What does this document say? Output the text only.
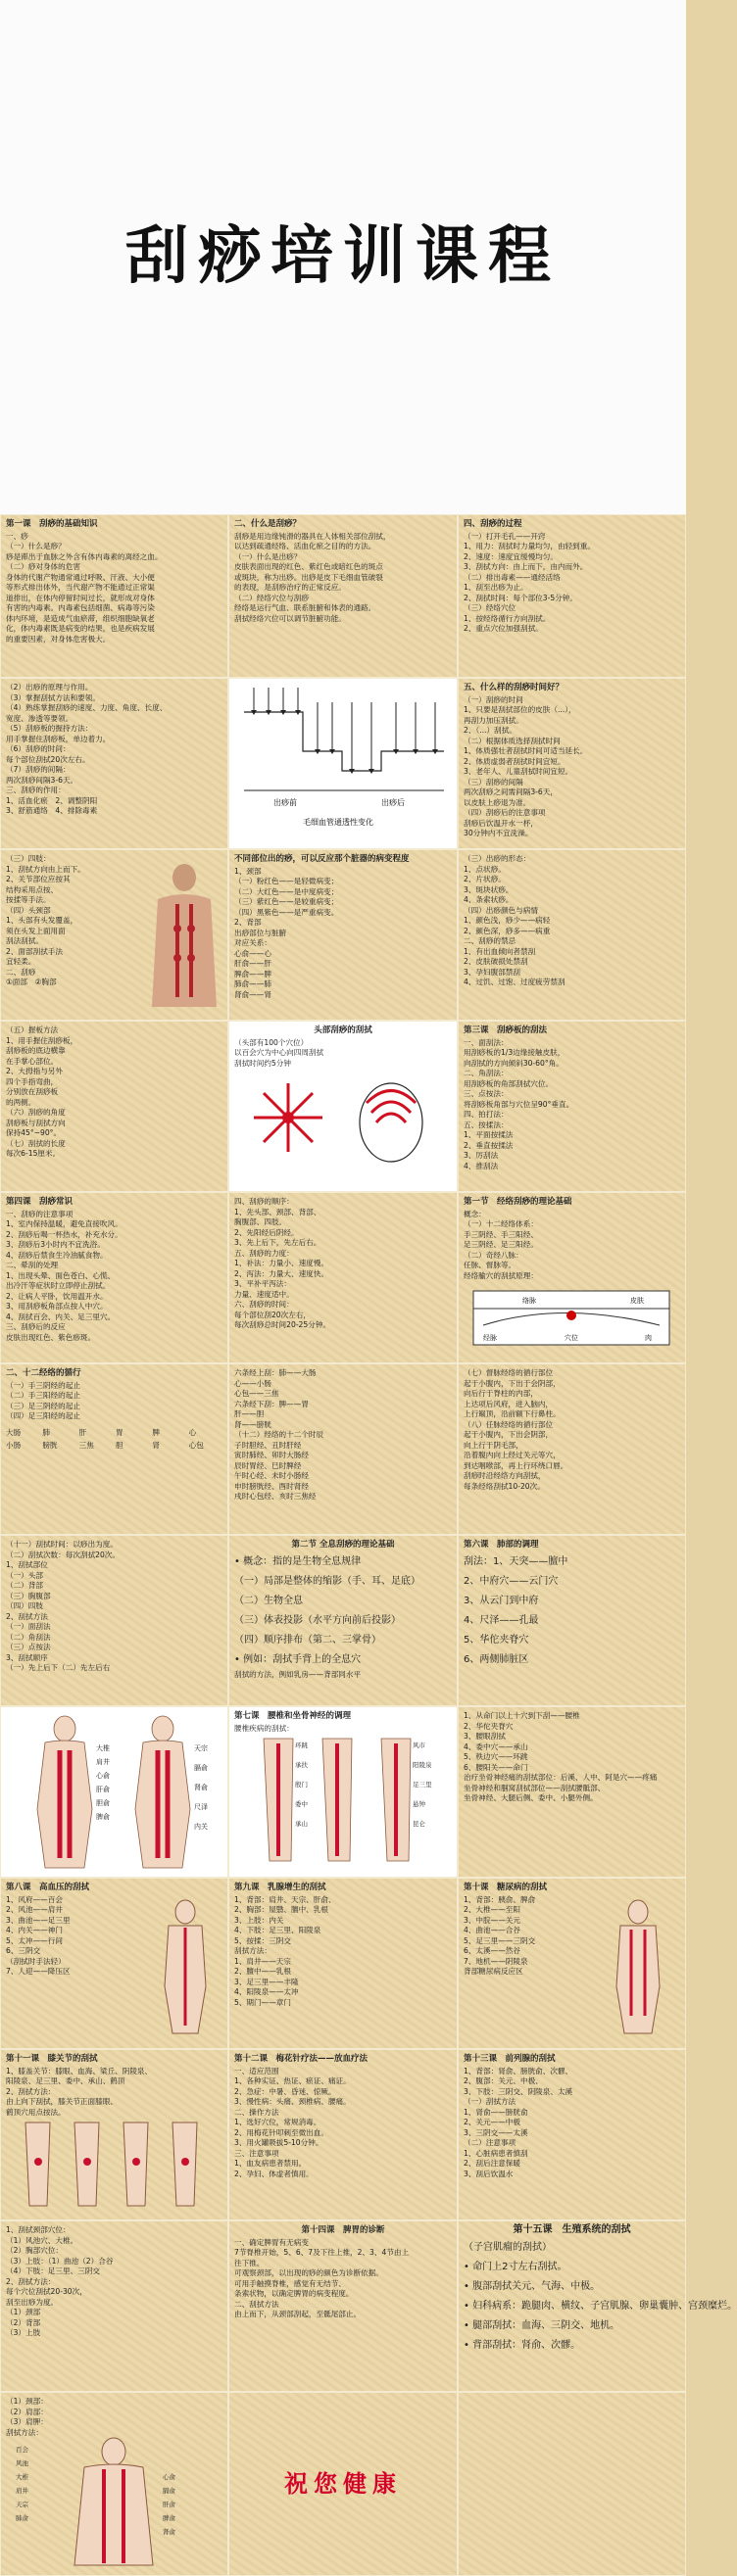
刮痧培训课程
第一课　刮痧的基础知识
一、痧
（一）什么是痧？
痧是滞出于血脉之外含有体内毒素的离经之血。
（二）痧对身体的危害
身体的代谢产物通常通过呼吸、汗液、大小便
等形式排出体外，当代谢产物不能通过正常渠
道排出，在体内停留时间过长，就形成对身体
有害的内毒素。内毒素包括细菌、病毒等污染
体内环境，是造成气血瘀滞，组织细胞缺氧老
化，体内毒素既是病变的结果，也是疾病发展
的重要因素，对身体危害极大。
二、什么是刮痧？
刮痧是用边缘钝滑的器具在人体相关部位刮拭，
以达到疏通经络、活血化瘀之目的的方法。
（一）什么是出痧？
皮肤表面出现的红色、紫红色或暗红色的斑点
或斑块，称为出痧。出痧是皮下毛细血管破裂
的表现，是刮痧治疗的正常反应。
（二）经络穴位与刮痧
经络是运行气血、联系脏腑和体表的通路。
刮拭经络穴位可以调节脏腑功能。
四、刮痧的过程
（一）打开毛孔——开窍
1、用力：刮拭时力量均匀，由轻到重。
2、速度：速度宜缓慢均匀。
3、刮拭方向：由上而下，由内而外。
（二）排出毒素——通经活络
1、刮至出痧为止。
2、刮拭时间：每个部位3-5分钟。
（三）经络穴位
1、按经络循行方向刮拭。
2、重点穴位加强刮拭。
（2）出痧的原理与作用。
（3）掌握刮拭方法和要领。
（4）熟练掌握刮痧的速度、力度、角度、长度、
宽度、渗透等要领。
（5）刮痧板的握持方法：
用手掌握住刮痧板，单边着力。
（6）刮痧的时间：
每个部位刮拭20次左右。
（7）刮痧的间隔：
两次刮痧间隔3-6天。
三、刮痧的作用：
1、活血化瘀　2、调整阴阳
3、舒筋通络　4、排除毒素
出痧前	出痧后
毛细血管通透性变化
五、什么样的刮痧时间好？
（一）刮痧的时间
1、只要是刮拭部位的皮肤（...），
再刮力加压刮拭。
2、（...）刮拭。
（二）根据体质选择刮拭时间
1、体质强壮者刮拭时间可适当延长。
2、体质虚弱者刮拭时间宜短。
3、老年人、儿童刮拭时间宜短。
（三）刮痧的间隔
两次刮痧之间需间隔3-6天，
以皮肤上痧退为准。
（四）刮痧后的注意事项
刮痧后饮温开水一杯，
30分钟内不宜洗澡。
（三）四肢：
1、刮拭方向由上而下。
2、关节部位应按其
结构采用点按、
按揉等手法。
（四）头颈部
1、头部有头发覆盖，
须在头发上面用面
刮法刮拭。
2、面部刮拭手法
宜轻柔。
二、刮痧
①面部　②胸部
不同部位出的痧，可以反应那个脏器的病变程度
1、颈部
（一）粉红色——是轻微病变；
（二）大红色——是中度病变；
（三）紫红色——是较重病变；
（四）黑紫色——是严重病变。
2、背部
出痧部位与脏腑
对应关系：
心俞——心
肝俞——肝
脾俞——脾
肺俞——肺
肾俞——肾
（三）出痧的形态：
1、点状痧。
2、片状痧。
3、斑块状痧。
4、条索状痧。
（四）出痧颜色与病情
1、颜色浅，痧少——病轻
2、颜色深，痧多——病重
二、刮痧的禁忌
1、有出血倾向者禁刮
2、皮肤破损处禁刮
3、孕妇腹部禁刮
4、过饥、过饱、过度疲劳禁刮
（五）握板方法
1、用手握住刮痧板，
刮痧板的底边横靠
在手掌心部位。
2、大拇指与另外
四个手指弯曲，
分别放在刮痧板
的两侧。
（六）刮痧的角度
刮痧板与刮拭方向
保持45°~90°。
（七）刮拭的长度
每次6-15厘米。
头部刮痧的刮拭
（头部有100个穴位）
以百会穴为中心向四周刮拭
刮拭时间约5分钟
第三课　刮痧板的刮法
一、面刮法：
用刮痧板的1/3边缘接触皮肤，
向刮拭的方向倾斜30-60°角。
二、角刮法：
用刮痧板的角部刮拭穴位。
三、点按法：
将刮痧板角部与穴位呈90°垂直。
四、拍打法：
五、按揉法：
1、平面按揉法
2、垂直按揉法
3、厉刮法
4、推刮法
第四课　刮痧常识
一、刮痧的注意事项
1、室内保持温暖，避免直接吹风。
2、刮痧后喝一杯热水，补充水分。
3、刮痧后3小时内不宜洗浴。
4、刮痧后禁食生冷油腻食物。
二、晕刮的处理
1、出现头晕、面色苍白、心慌、
出冷汗等症状时立即停止刮拭。
2、让病人平卧，饮用温开水。
3、用刮痧板角部点按人中穴。
4、刮拭百会、内关、足三里穴。
三、刮痧后的反应
皮肤出现红色、紫色痧斑。
四、刮痧的顺序：
1、先头部、颈部、背部、
胸腹部、四肢。
2、先阳经后阴经。
3、先上后下，先左后右。
五、刮痧的力度：
1、补法：力量小、速度慢。
2、泻法：力量大、速度快。
3、平补平泻法：
力量、速度适中。
六、刮痧的时间：
每个部位刮20次左右，
每次刮痧总时间20-25分钟。
第一节　经络刮痧的理论基础
概念：
（一）十二经络体系：
手三阴经、手三阳经、
足三阴经、足三阳经。
（二）奇经八脉：
任脉、督脉等。
经络腧穴的刮拭原理：
络脉	皮肤
经脉	肉
穴位
二、十二经络的循行
（一）手三阴经的起止
（二）手三阳经的起止
（三）足三阴经的起止
（四）足三阳经的起止
大肠	肺	肝	胃	脾	心
小肠	膀胱	三焦	胆	肾	心包
六条经上刮：肺——大肠
心——小肠
心包——三焦
六条经下刮：脾——胃
肝——胆
肾——膀胱
（十二）经络的十二个时辰
子时胆经、丑时肝经
寅时肺经、卯时大肠经
辰时胃经、巳时脾经
午时心经、未时小肠经
申时膀胱经、酉时肾经
戌时心包经、亥时三焦经
（七）督脉经络的循行部位
起于小腹内，下出于会阴部，
向后行于脊柱的内部，
上达项后风府，进入脑内，
上行巅顶，沿前额下行鼻柱。
（八）任脉经络的循行部位
起于小腹内，下出会阴部，
向上行于阴毛部，
沿着腹内向上经过关元等穴，
到达咽喉部，再上行环绕口唇。
刮痧时沿经络方向刮拭，
每条经络刮拭10-20次。
（十一）刮拭时间：以痧出为度。
（二）刮拭次数：每次刮拭20次。
1、刮拭部位
（一）头部
（二）背部
（三）胸腹部
（四）四肢
2、刮拭方法
（一）面刮法
（二）角刮法
（三）点按法
3、刮拭顺序
（一）先上后下（二）先左后右
第二节 全息刮痧的理论基础
• 概念：指的是生物全息规律
（一）局部是整体的缩影（手、耳、足底）
（二）生物全息
（三）体表投影（水平方向前后投影）
（四）顺序排布（第二、三掌骨）
• 例如：刮拭手背上的全息穴
刮拭的方法，例如乳房——背部同水平
第六课　肺部的调理
刮法：1、天突——膻中
2、中府穴——云门穴
3、从云门到中府
4、尺泽——孔最
5、华佗夹脊穴
6、两侧肺脏区
大椎
肩井
心俞
肝俞
胆俞
脾俞
天宗
膈俞
肾俞
尺泽
内关
第七课　腰椎和坐骨神经的调理
腰椎疾病的刮拭：
环跳
承扶
殷门
委中
承山
风市
阳陵泉
足三里
悬钟
昆仑
1、从命门以上十穴到下刮——腰椎
2、华佗夹脊穴
3、腰眼刮拭
4、委中穴——承山
5、秩边穴——环跳
6、腰阳关——命门
治疗坐骨神经痛的刮拭部位：后溪、人中、阿是穴——疼痛
坐骨神经和腘窝刮拭部位——刮拭腰骶部、
坐骨神经、大腿后侧、委中、小腿外侧。
第八课　高血压的刮拭
1、风府——百会
2、风池——肩井
3、曲池——足三里
4、内关——神门
5、太冲——行间
6、三阴交
（刮拭时手法轻）
7、人迎——降压区
第九课　乳腺增生的刮拭
1、背部：肩井、天宗、肝俞、
2、胸部：屋翳、膻中、乳根
3、上肢：内关
4、下肢：足三里、阳陵泉
5、按揉：三阴交
刮拭方法：
1、肩井——天宗
2、膻中——乳根
3、足三里——丰隆
4、阳陵泉——太冲
5、期门——章门
第十课　糖尿病的刮拭
1、背部：胰俞、脾俞
2、大椎——至阳
3、中脘——关元
4、曲池——合谷
5、足三里——三阴交
6、太溪——然谷
7、地机——阴陵泉
背部糖尿病反应区
第十一课　膝关节的刮拭
1、膝盖关节：膝眼、血海、梁丘、阴陵泉、
阳陵泉、足三里、委中、承山、鹤顶
2、刮拭方法：
由上向下刮拭，膝关节正面膝眼、
鹤顶穴用点按法。
第十二课　梅花针疗法——放血疗法
一、适应范围
1、各种实证、热证、瘀证、痛证。
2、急症：中暑、昏迷、惊厥。
3、慢性病：头痛、颈椎病、腰痛。
二、操作方法
1、选好穴位，常规消毒。
2、用梅花针叩刺至微出血。
3、用火罐吸拔5-10分钟。
三、注意事项
1、血友病患者禁用。
2、孕妇、体虚者慎用。
第十三课　前列腺的刮拭
1、背部：肾俞、膀胱俞、次髎、
2、腹部：关元、中极、
3、下肢：三阴交、阴陵泉、太溪
（一）刮拭方法
1、肾俞——膀胱俞
2、关元——中极
3、三阴交——太溪
（二）注意事项
1、心脏病患者慎刮
2、刮后注意保暖
3、刮后饮温水
1、刮拭颈部穴位：
（1）风池穴、大椎。
（2）胸部穴位：
（3）上肢：（1）曲池（2）合谷
（4）下肢：足三里、三阴交
2、刮拭方法：
每个穴位刮拭20-30次，
刮至出痧为度。
（1）颈部
（2）背部
（3）上肢
第十四课　脾胃的诊断
一、确定脾胃有无病变
7节脊椎开始，5、6、7及下往上推，2、3、4节由上
往下推。
可观察颈部，以出现的痧的颜色为诊断依据。
可用手触摸脊椎，感觉有无结节、
条索状物，以确定脾胃的病变程度。
二、刮拭方法
由上而下，从颈部刮起，至骶尾部止。
第十五课　生殖系统的刮拭
（子宫肌瘤的刮拭）
• 命门上2寸左右刮拭。
• 腹部刮拭关元、气海、中极。
• 妇科病系：跪腿肉、横纹、子宫肌腺、卵巢囊肿、宫颈糜烂。
• 腿部刮拭：血海、三阴交、地机。
• 背部刮拭：肾俞、次髎。
（1）颈部：
（2）肩部：
（3）肩胛：
刮拭方法：
百会
风池
大椎
肩井
天宗
肺俞
心俞
膈俞
肝俞
脾俞
肾俞
祝您健康
